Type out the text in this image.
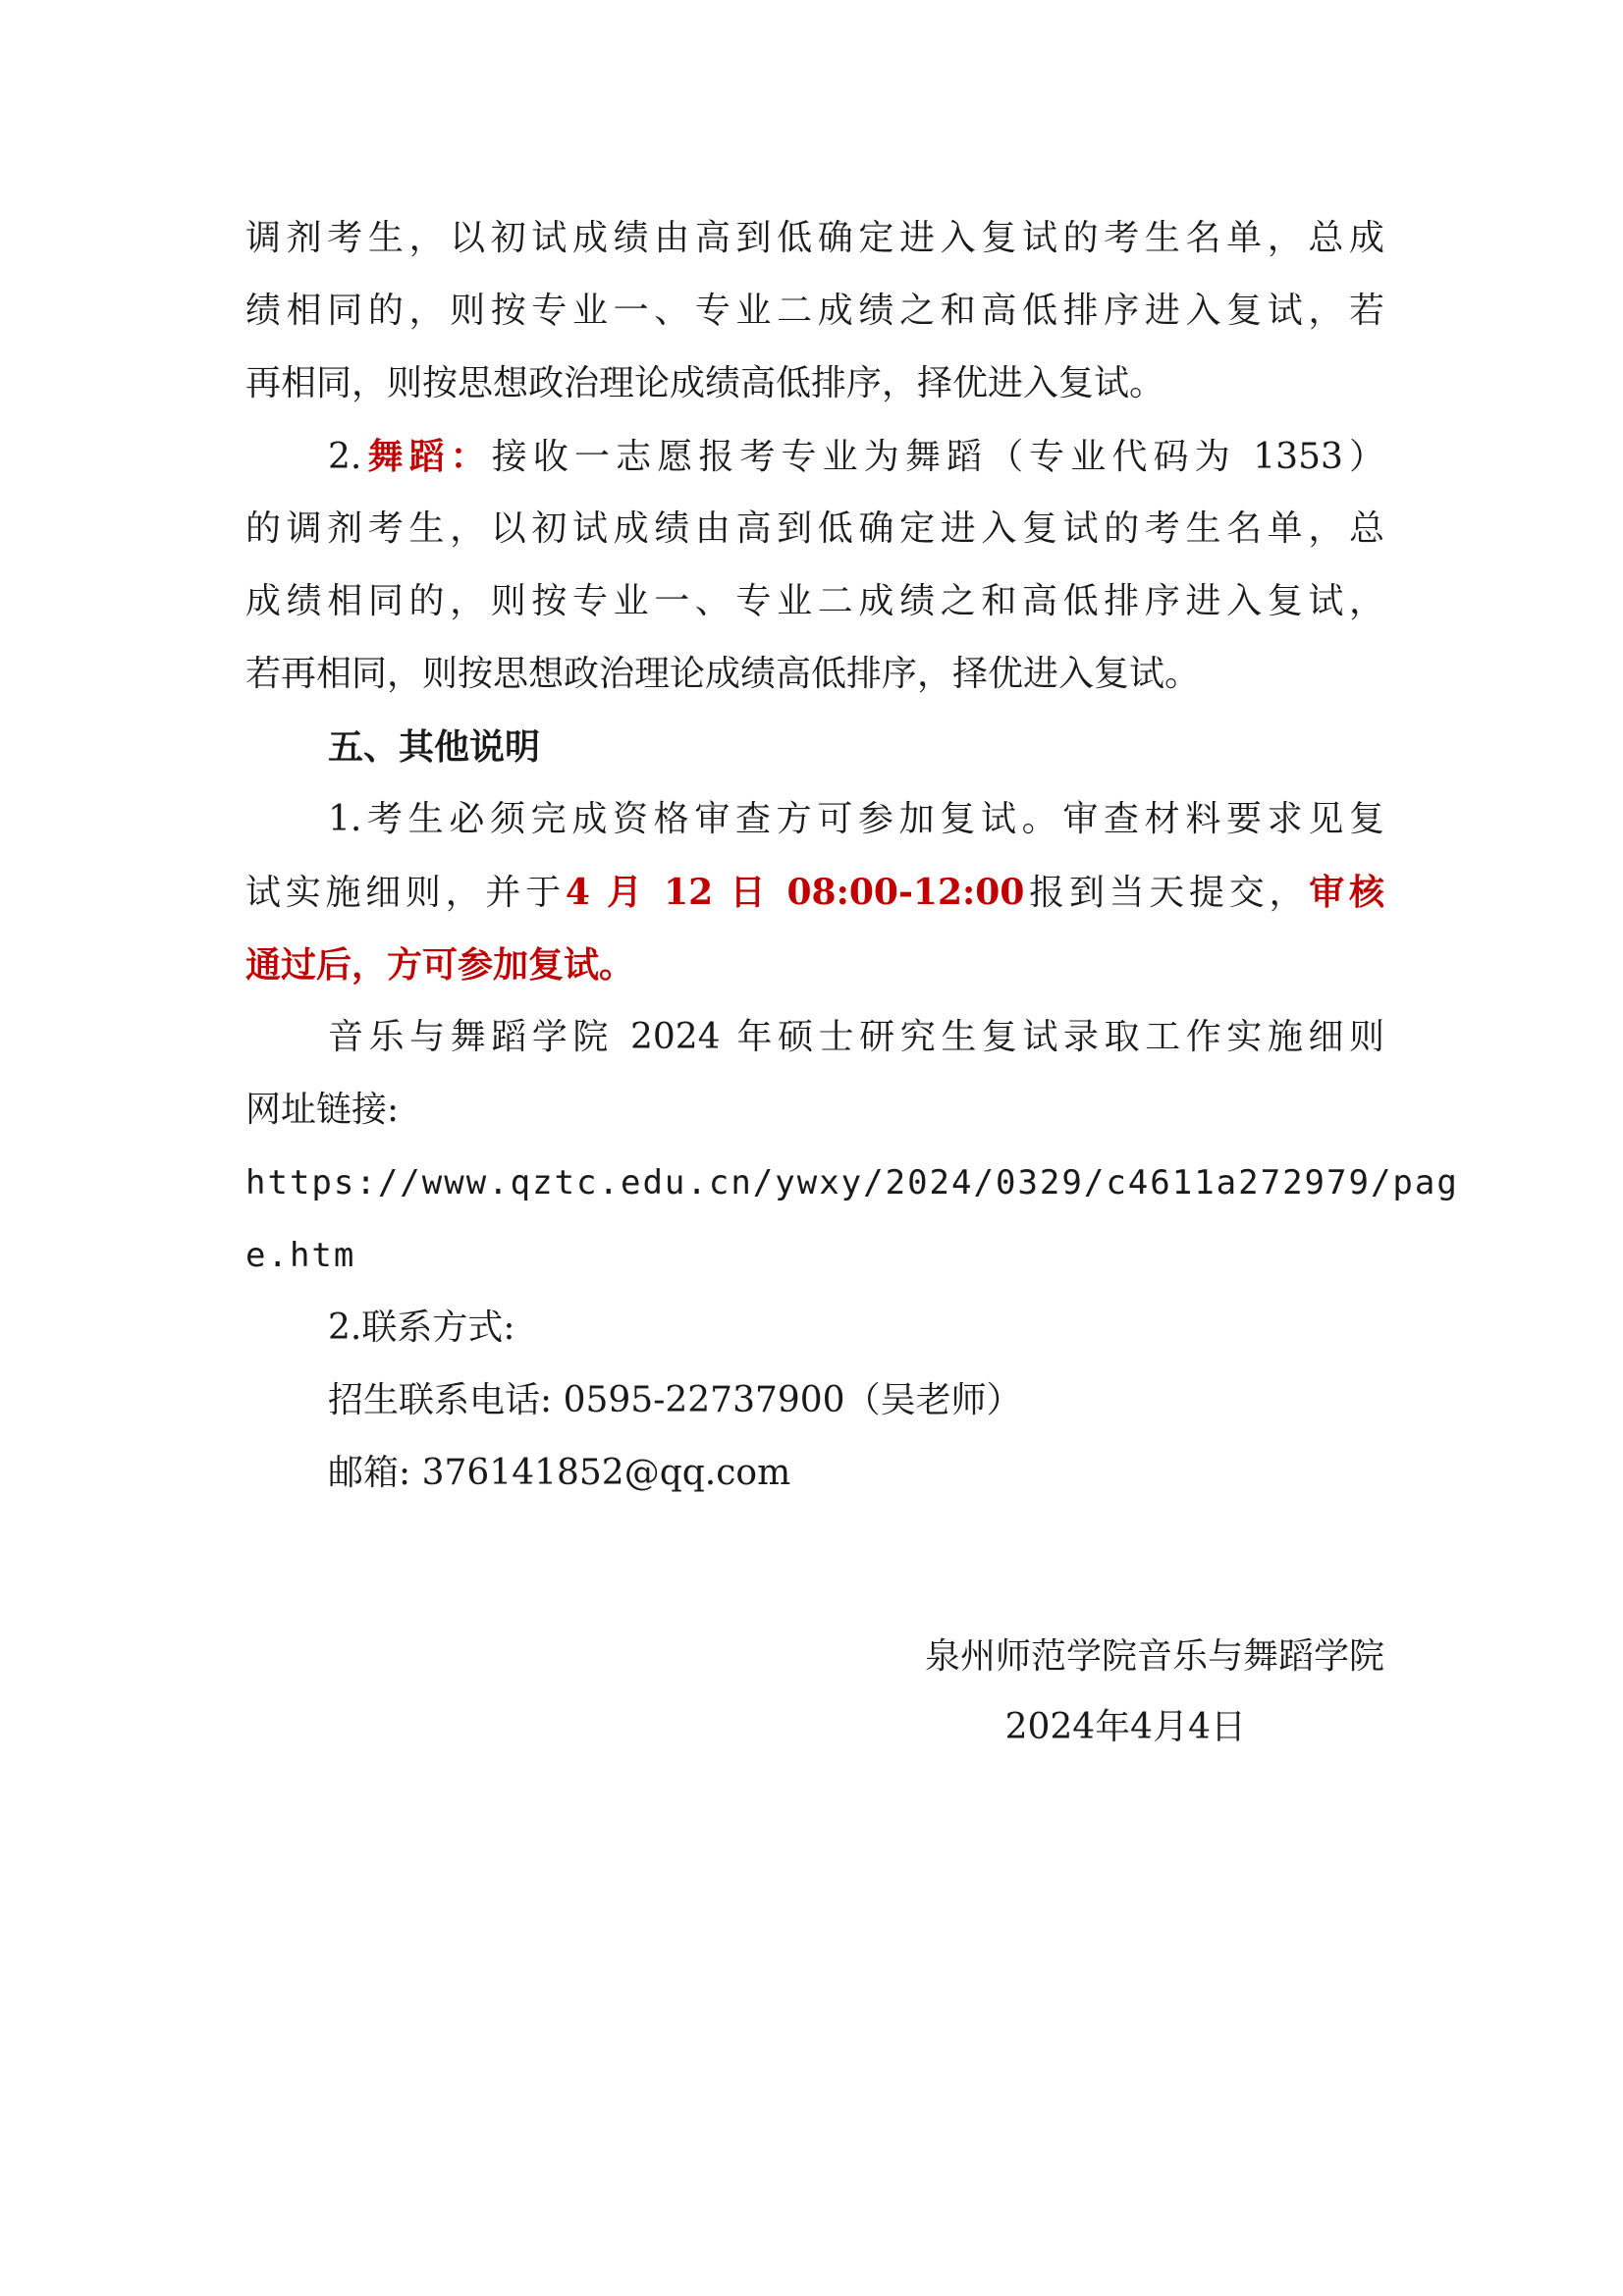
调剂考生，以初试成绩由高到低确定进入复试的考生名单，总成
绩相同的，则按专业一、专业二成绩之和高低排序进入复试，若
再相同，则按思想政治理论成绩高低排序，择优进入复试。
2.舞蹈：接收一志愿报考专业为舞蹈（专业代码为 1353）
的调剂考生，以初试成绩由高到低确定进入复试的考生名单，总
成绩相同的，则按专业一、专业二成绩之和高低排序进入复试，
若再相同，则按思想政治理论成绩高低排序，择优进入复试。
五、其他说明
1.考生必须完成资格审查方可参加复试。审查材料要求见复
试实施细则，并于4 月 12 日 08:00-12:00报到当天提交，审核
通过后，方可参加复试。
音乐与舞蹈学院 2024 年硕士研究生复试录取工作实施细则
网址链接:
https://www.qztc.edu.cn/ywxy/2024/0329/c4611a272979/pag
e.htm
2.联系方式:
招生联系电话: 0595-22737900（吴老师）
邮箱: 376141852@qq.com
泉州师范学院音乐与舞蹈学院
2024年4月4日
